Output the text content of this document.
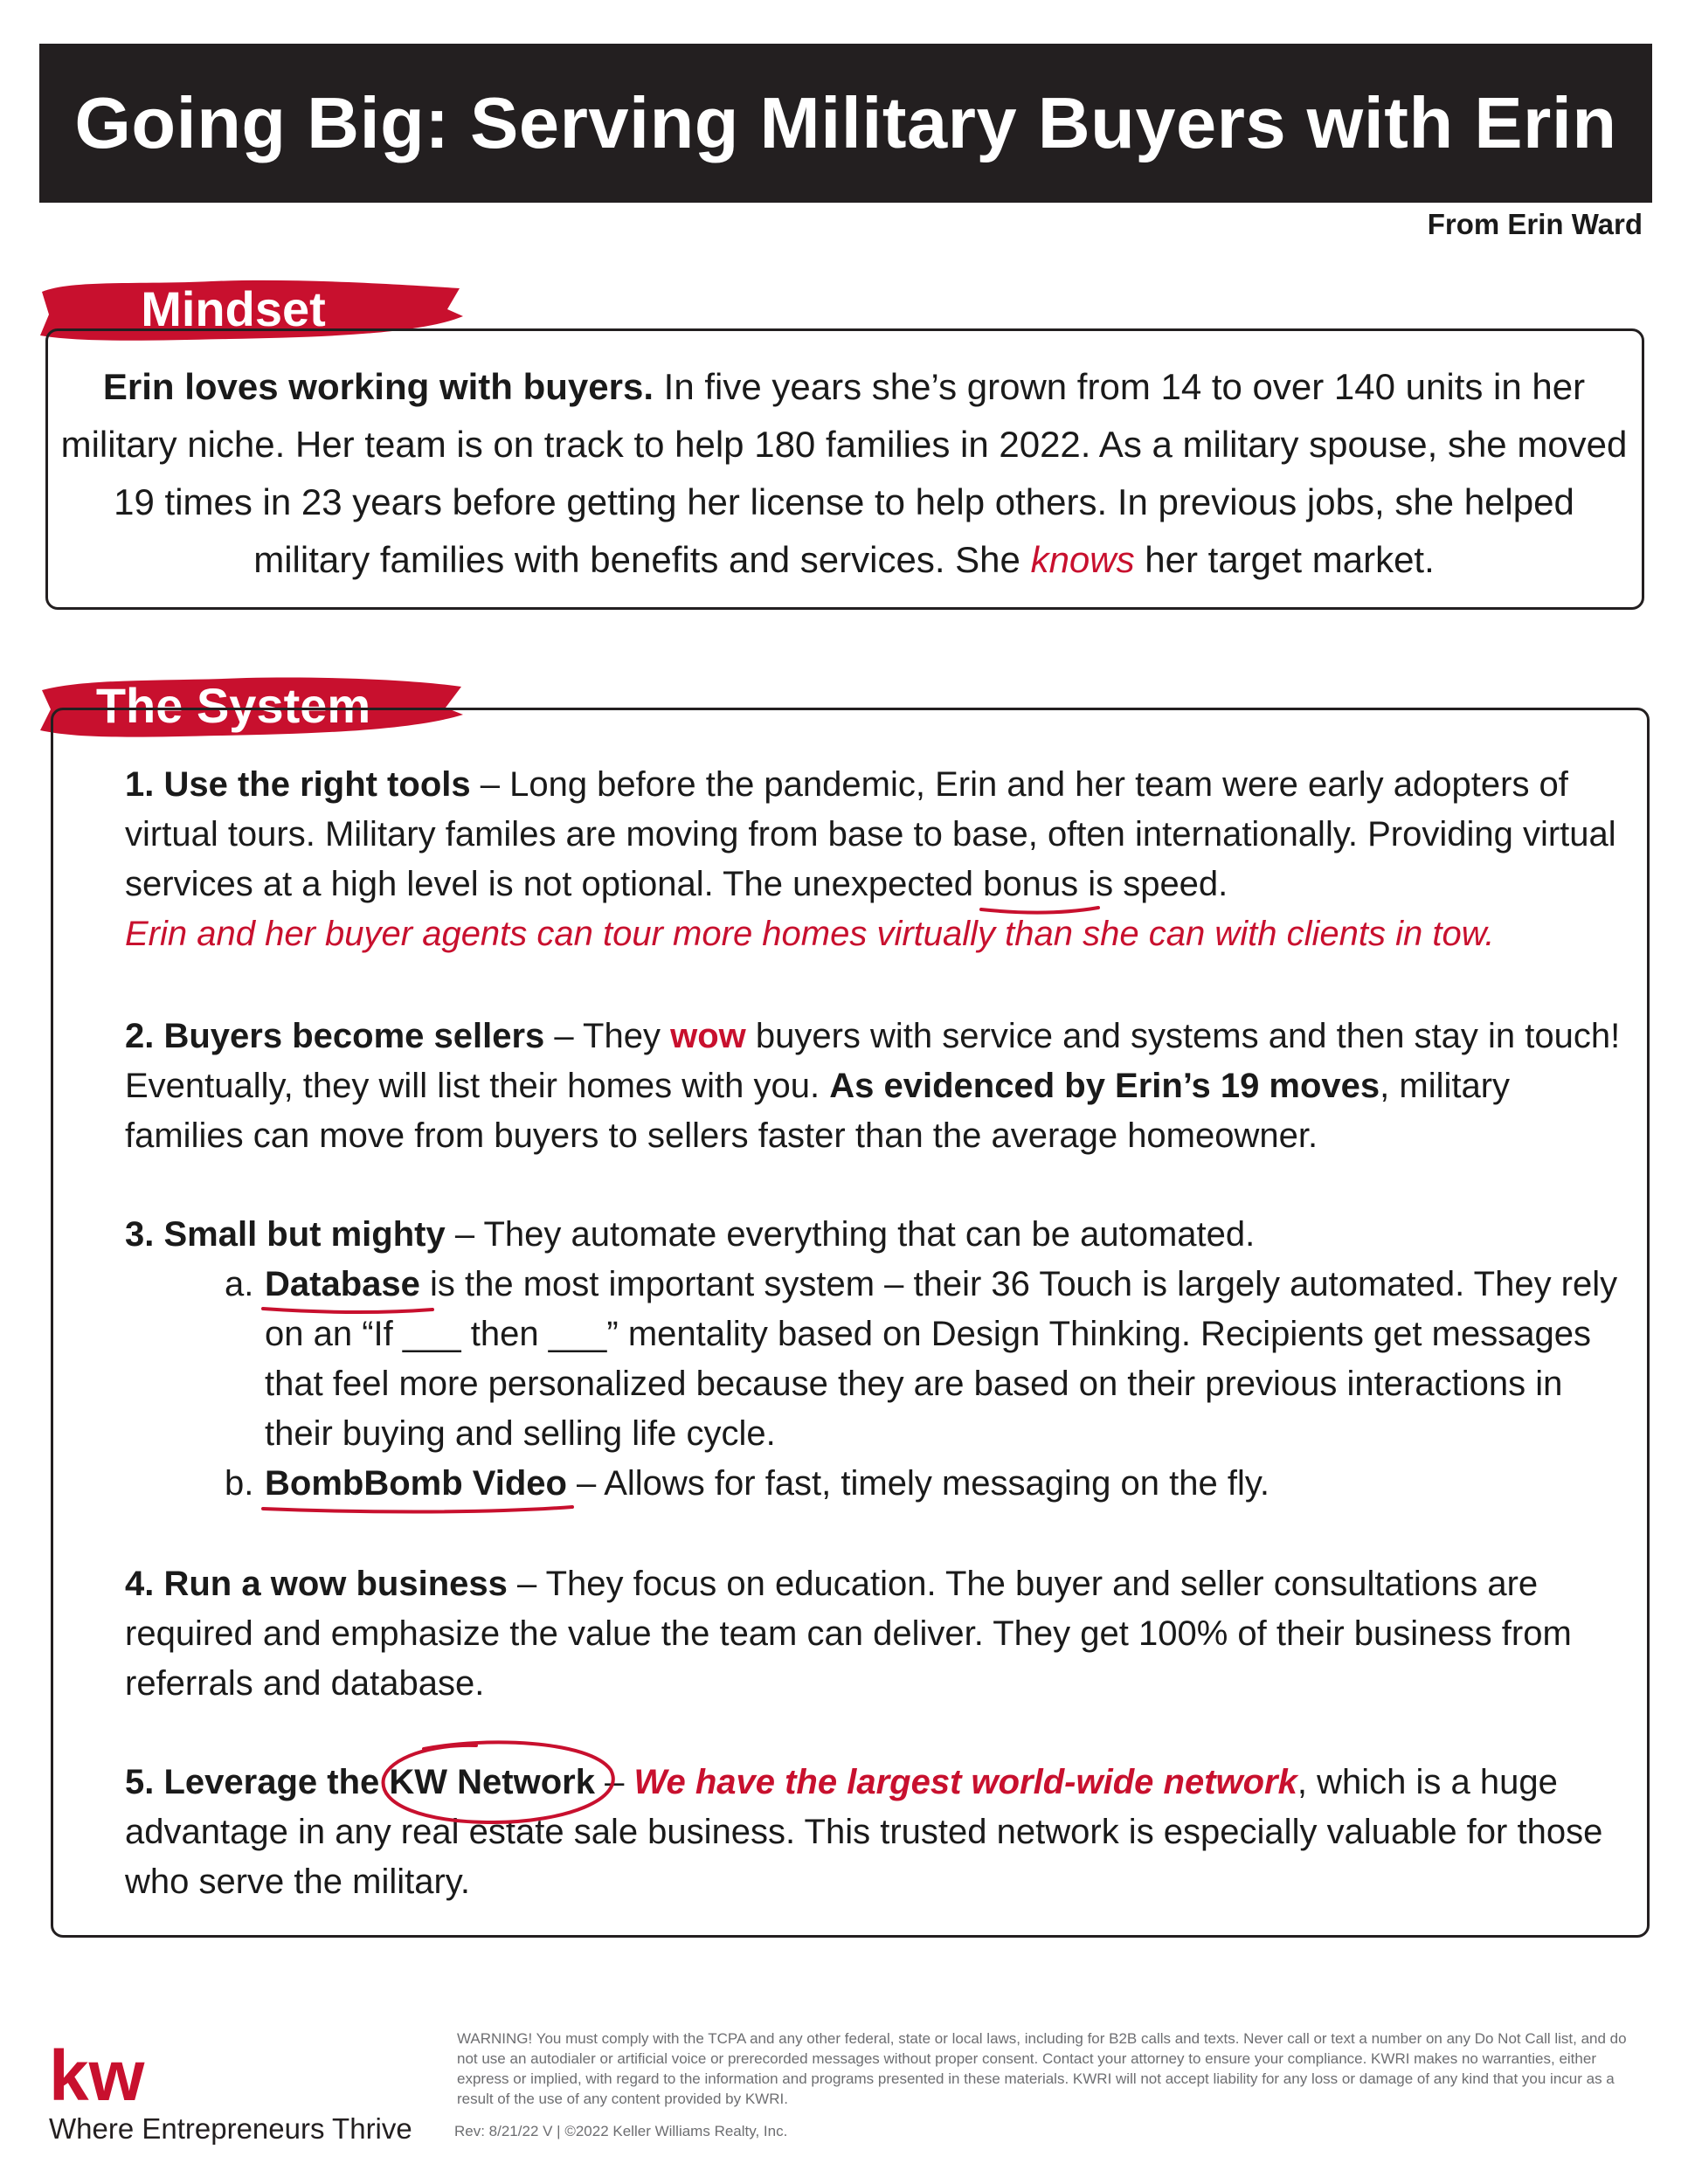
Going Big: Serving Military Buyers with Erin
From Erin Ward
Mindset
Erin loves working with buyers. In five years she’s grown from 14 to over 140 units in her military niche. Her team is on track to help 180 families in 2022. As a military spouse, she moved 19 times in 23 years before getting her license to help others. In previous jobs, she helped military families with benefits and services. She knows her target market.
The System
1. Use the right tools – Long before the pandemic, Erin and her team were early adopters of virtual tours. Military familes are moving from base to base, often internationally. Providing virtual services at a high level is not optional. The unexpected bonus
is speed.
Erin and her buyer agents can tour more homes virtually than she can with clients in tow.
2. Buyers become sellers – They wow buyers with service and systems and then stay in touch! Eventually, they will list their homes with you. As evidenced by Erin’s 19 moves, military families can move from buyers to sellers faster than the average homeowner.
3. Small but mighty – They automate everything that can be automated.
a. Database
is the most important system – their 36 Touch is largely automated. They rely on an “If ___ then ___” mentality based on Design Thinking. Recipients get messages that feel more personalized because they are based on their previous interactions in their buying and selling life cycle.
b. BombBomb Video
– Allows for fast, timely messaging on the fly.
4. Run a wow business – They focus on education. The buyer and seller consultations are required and emphasize the value the team can deliver. They get 100% of their business from referrals and database.
5. Leverage the KW Network
– We have the largest world-wide network, which is a huge advantage in any real estate sale business. This trusted network is especially valuable for those who serve the military.
kw
Where Entrepreneurs Thrive
WARNING! You must comply with the TCPA and any other federal, state or local laws, including for B2B calls and texts. Never call or text a number on any Do Not Call list, and do not use an autodialer or artificial voice or prerecorded messages without proper consent. Contact your attorney to ensure your compliance. KWRI makes no warranties, either express or implied, with regard to the information and programs presented in these materials. KWRI will not accept liability for any loss or damage of any kind that you incur as a result of the use of any content provided by KWRI.
Rev: 8/21/22 V | ©2022 Keller Williams Realty, Inc.
